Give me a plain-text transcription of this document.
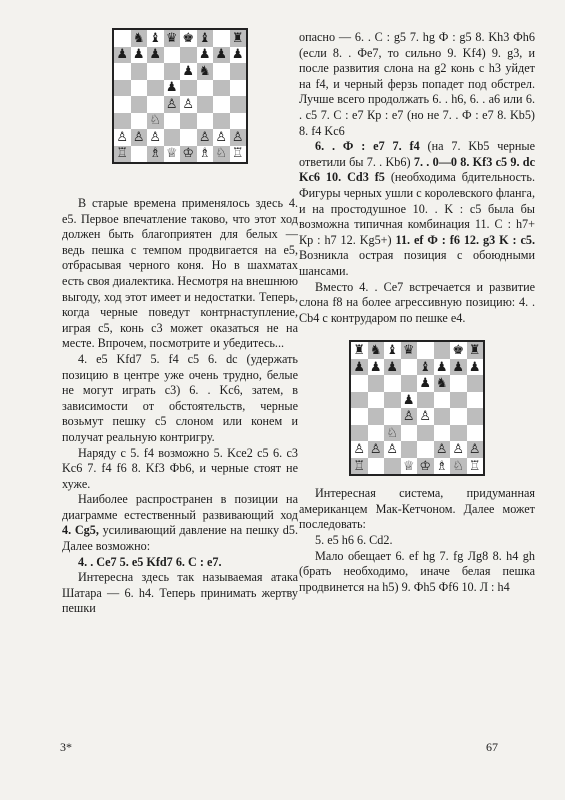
♞ ♝ ♛ ♚ ♝ ♜
♟ ♟ ♟	♟ ♟ ♟
♟ ♞
♟
♙ ♙
♘
♙ ♙ ♙	♙ ♙ ♙
♖ ♗ ♕ ♔ ♗ ♘ ♖

В старые времена применялось здесь 4. e5. Первое впечатление таково, что этот ход должен быть благоприятен для белых — ведь пешка с темпом продвигается на e5, отбрасывая черного коня. Но в шахматах есть своя диалектика. Несмотря на внешнюю выгоду, ход этот имеет и недостатки. Теперь, когда черные поведут контрнаступление, играя c5, конь c3 может оказаться не на месте. Впрочем, посмотрите и убедитесь...

4. e5 Kfd7 5. f4 c5 6. dc (удержать позицию в центре уже очень трудно, белые не могут играть c3) 6. . Kc6, затем, в зависимости от обстоятельств, черные возьмут пешку c5 слоном или конем и получат реальную контригру.

Наряду с 5. f4 возможно 5. Kce2 c5 6. c3 Kc6 7. f4 f6 8. Kf3 Фb6, и черные стоят не хуже.

Наиболее распространен в позиции на диаграмме естественный развивающий ход 4. Cg5, усиливающий давление на пешку d5. Далее возможно:

4. . Ce7 5. e5 Kfd7 6. C : e7.

Интересна здесь так называемая атака Шатара — 6. h4. Теперь принимать жертву пешки

опасно — 6. . C : g5 7. hg Ф : g5 8. Kh3 Фh6 (если 8. . Фe7, то сильно 9. Kf4) 9. g3, и после развития слона на g2 конь с h3 уйдет на f4, и черный ферзь попадет под обстрел. Лучше всего продолжать 6. . h6, 6. . a6 или 6. . c5 7. C : e7 Кр : e7 (но не 7. . Ф : e7 8. Kb5) 8. f4 Kc6

6. . Ф : e7 7. f4 (на 7. Kb5 черные ответили бы 7. . Kb6) 7. . 0—0 8. Kf3 c5 9. dc Kc6 10. Cd3 f5 (необходима бдительность. Фигуры черных ушли с королевского фланга, и на простодушное 10. . K : c5 была бы возможна типичная комбинация 11. C : h7+ Кр : h7 12. Kg5+) 11. ef Ф : f6 12. g3 K : c5. Возникла острая позиция с обоюдными шансами.

Вместо 4. . Ce7 встречается и развитие слона f8 на более агрессивную позицию: 4. . Cb4 с контрударом по пешке e4.

♜ ♞ ♝ ♛	♚ ♜
♟ ♟ ♟ ♝ ♟ ♟ ♟
♟ ♞
♟
♙ ♙
♘
♙ ♙ ♙	♙ ♙ ♙
♖	♕ ♔ ♗ ♘ ♖

Интересная система, придуманная американцем Мак-Кетчоном. Далее может последовать:

5. e5 h6 6. Cd2.

Мало обещает 6. ef hg 7. fg Лg8 8. h4 gh (брать необходимо, иначе белая пешка продвинется на h5) 9. Фh5 Фf6 10. Л : h4

3*	67
